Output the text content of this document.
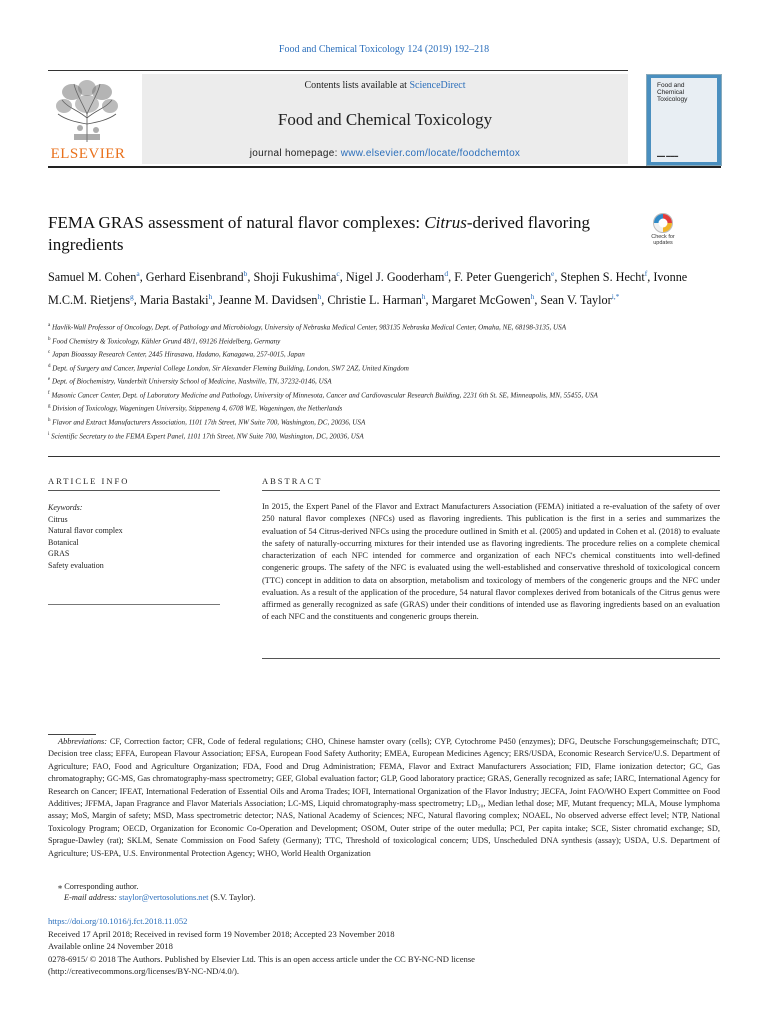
Food and Chemical Toxicology 124 (2019) 192–218
ELSEVIER
Contents lists available at ScienceDirect
Food and Chemical Toxicology
journal homepage: www.elsevier.com/locate/foodchemtox
Food and Chemical Toxicology
▬▬ ▬▬▬
FEMA GRAS assessment of natural flavor complexes: Citrus-derived flavoring ingredients	Check for updates
Samuel M. Cohen$^a$, Gerhard Eisenbrand$^b$, Shoji Fukushima$^c$, Nigel J. Gooderham$^d$, F. Peter Guengerich$^e$, Stephen S. Hecht$^f$, Ivonne M.C.M. Rietjens$^g$, Maria Bastaki$^h$, Jeanne M. Davidsen$^h$, Christie L. Harman$^h$, Margaret McGowen$^h$, Sean V. Taylor$^{i,*}$
$^a$ Havlik-Wall Professor of Oncology, Dept. of Pathology and Microbiology, University of Nebraska Medical Center, 983135 Nebraska Medical Center, Omaha, NE, 68198-3135, USA
$^b$ Food Chemistry & Toxicology, Kühler Grund 48/1, 69126 Heidelberg, Germany
$^c$ Japan Bioassay Research Center, 2445 Hirasawa, Hadano, Kanagawa, 257-0015, Japan
$^d$ Dept. of Surgery and Cancer, Imperial College London, Sir Alexander Fleming Building, London, SW7 2AZ, United Kingdom
$^e$ Dept. of Biochemistry, Vanderbilt University School of Medicine, Nashville, TN, 37232-0146, USA
$^f$ Masonic Cancer Center, Dept. of Laboratory Medicine and Pathology, University of Minnesota, Cancer and Cardiovascular Research Building, 2231 6th St. SE, Minneapolis, MN, 55455, USA
$^g$ Division of Toxicology, Wageningen University, Stippeneng 4, 6708 WE, Wageningen, the Netherlands
$^h$ Flavor and Extract Manufacturers Association, 1101 17th Street, NW Suite 700, Washington, DC, 20036, USA
$^i$ Scientific Secretary to the FEMA Expert Panel, 1101 17th Street, NW Suite 700, Washington, DC, 20036, USA
ARTICLE INFO	ABSTRACT
Keywords:
Citrus
Natural flavor complex
Botanical
GRAS
Safety evaluation
In 2015, the Expert Panel of the Flavor and Extract Manufacturers Association (FEMA) initiated a re-evaluation of the safety of over 250 natural flavor complexes (NFCs) used as flavoring ingredients. This publication is the first in a series and summarizes the evaluation of 54 Citrus-derived NFCs using the procedure outlined in Smith et al. (2005) and updated in Cohen et al. (2018) to evaluate the safety of naturally-occurring mixtures for their intended use as flavoring ingredients. The procedure relies on a complete chemical characterization of each NFC intended for commerce and organization of each NFC's chemical constituents into well-defined congeneric groups. The safety of the NFC is evaluated using the well-established and conservative threshold of toxicological concern (TTC) concept in addition to data on absorption, metabolism and toxicology of members of the congeneric groups and the NFC under evaluation. As a result of the application of the procedure, 54 natural flavor complexes derived from botanicals of the Citrus genus were affirmed as generally recognized as safe (GRAS) under their conditions of intended use as flavoring ingredients based on an evaluation of each NFC and the constituents and congeneric groups therein.
Abbreviations: CF, Correction factor; CFR, Code of federal regulations; CHO, Chinese hamster ovary (cells); CYP, Cytochrome P450 (enzymes); DFG, Deutsche Forschungsgemeinschaft; DTC, Decision tree class; EFFA, European Flavour Association; EFSA, European Food Safety Authority; EMEA, European Medicines Agency; ERS/USDA, Economic Research Service/U.S. Department of Agriculture; FAO, Food and Agriculture Organization; FDA, Food and Drug Administration; FEMA, Flavor and Extract Manufacturers Association; FID, Flame ionization detector; GC, Gas chromatography; GC-MS, Gas chromatography-mass spectrometry; GEF, Global evaluation factor; GLP, Good laboratory practice; GRAS, Generally recognized as safe; IARC, International Agency for Research on Cancer; IFEAT, International Federation of Essential Oils and Aroma Trades; IOFI, International Organization of the Flavor Industry; JECFA, Joint FAO/WHO Expert Committee on Food Additives; JFFMA, Japan Fragrance and Flavor Materials Association; LC-MS, Liquid chromatography-mass spectrometry; LD₅₀, Median lethal dose; MF, Mutant frequency; MLA, Mouse lymphoma assay; MoS, Margin of safety; MSD, Mass spectrometric detector; NAS, National Academy of Sciences; NFC, Natural flavoring complex; NOAEL, No observed adverse effect level; NTP, National Toxicology Program; OECD, Organization for Economic Co-Operation and Development; OSOM, Outer stripe of the outer medulla; PCI, Per capita intake; SCE, Sister chromatid exchange; SD, Sprague-Dawley (rat); SKLM, Senate Commission on Food Safety (Germany); TTC, Threshold of toxicological concern; UDS, Unscheduled DNA synthesis (assay); USDA, U.S. Department of Agriculture; US-EPA, U.S. Environmental Protection Agency; WHO, World Health Organization
⁎ Corresponding author.
E-mail address: staylor@vertosolutions.net (S.V. Taylor).
https://doi.org/10.1016/j.fct.2018.11.052
Received 17 April 2018; Received in revised form 19 November 2018; Accepted 23 November 2018
Available online 24 November 2018
0278-6915/ © 2018 The Authors. Published by Elsevier Ltd. This is an open access article under the CC BY-NC-ND license
(http://creativecommons.org/licenses/BY-NC-ND/4.0/).
